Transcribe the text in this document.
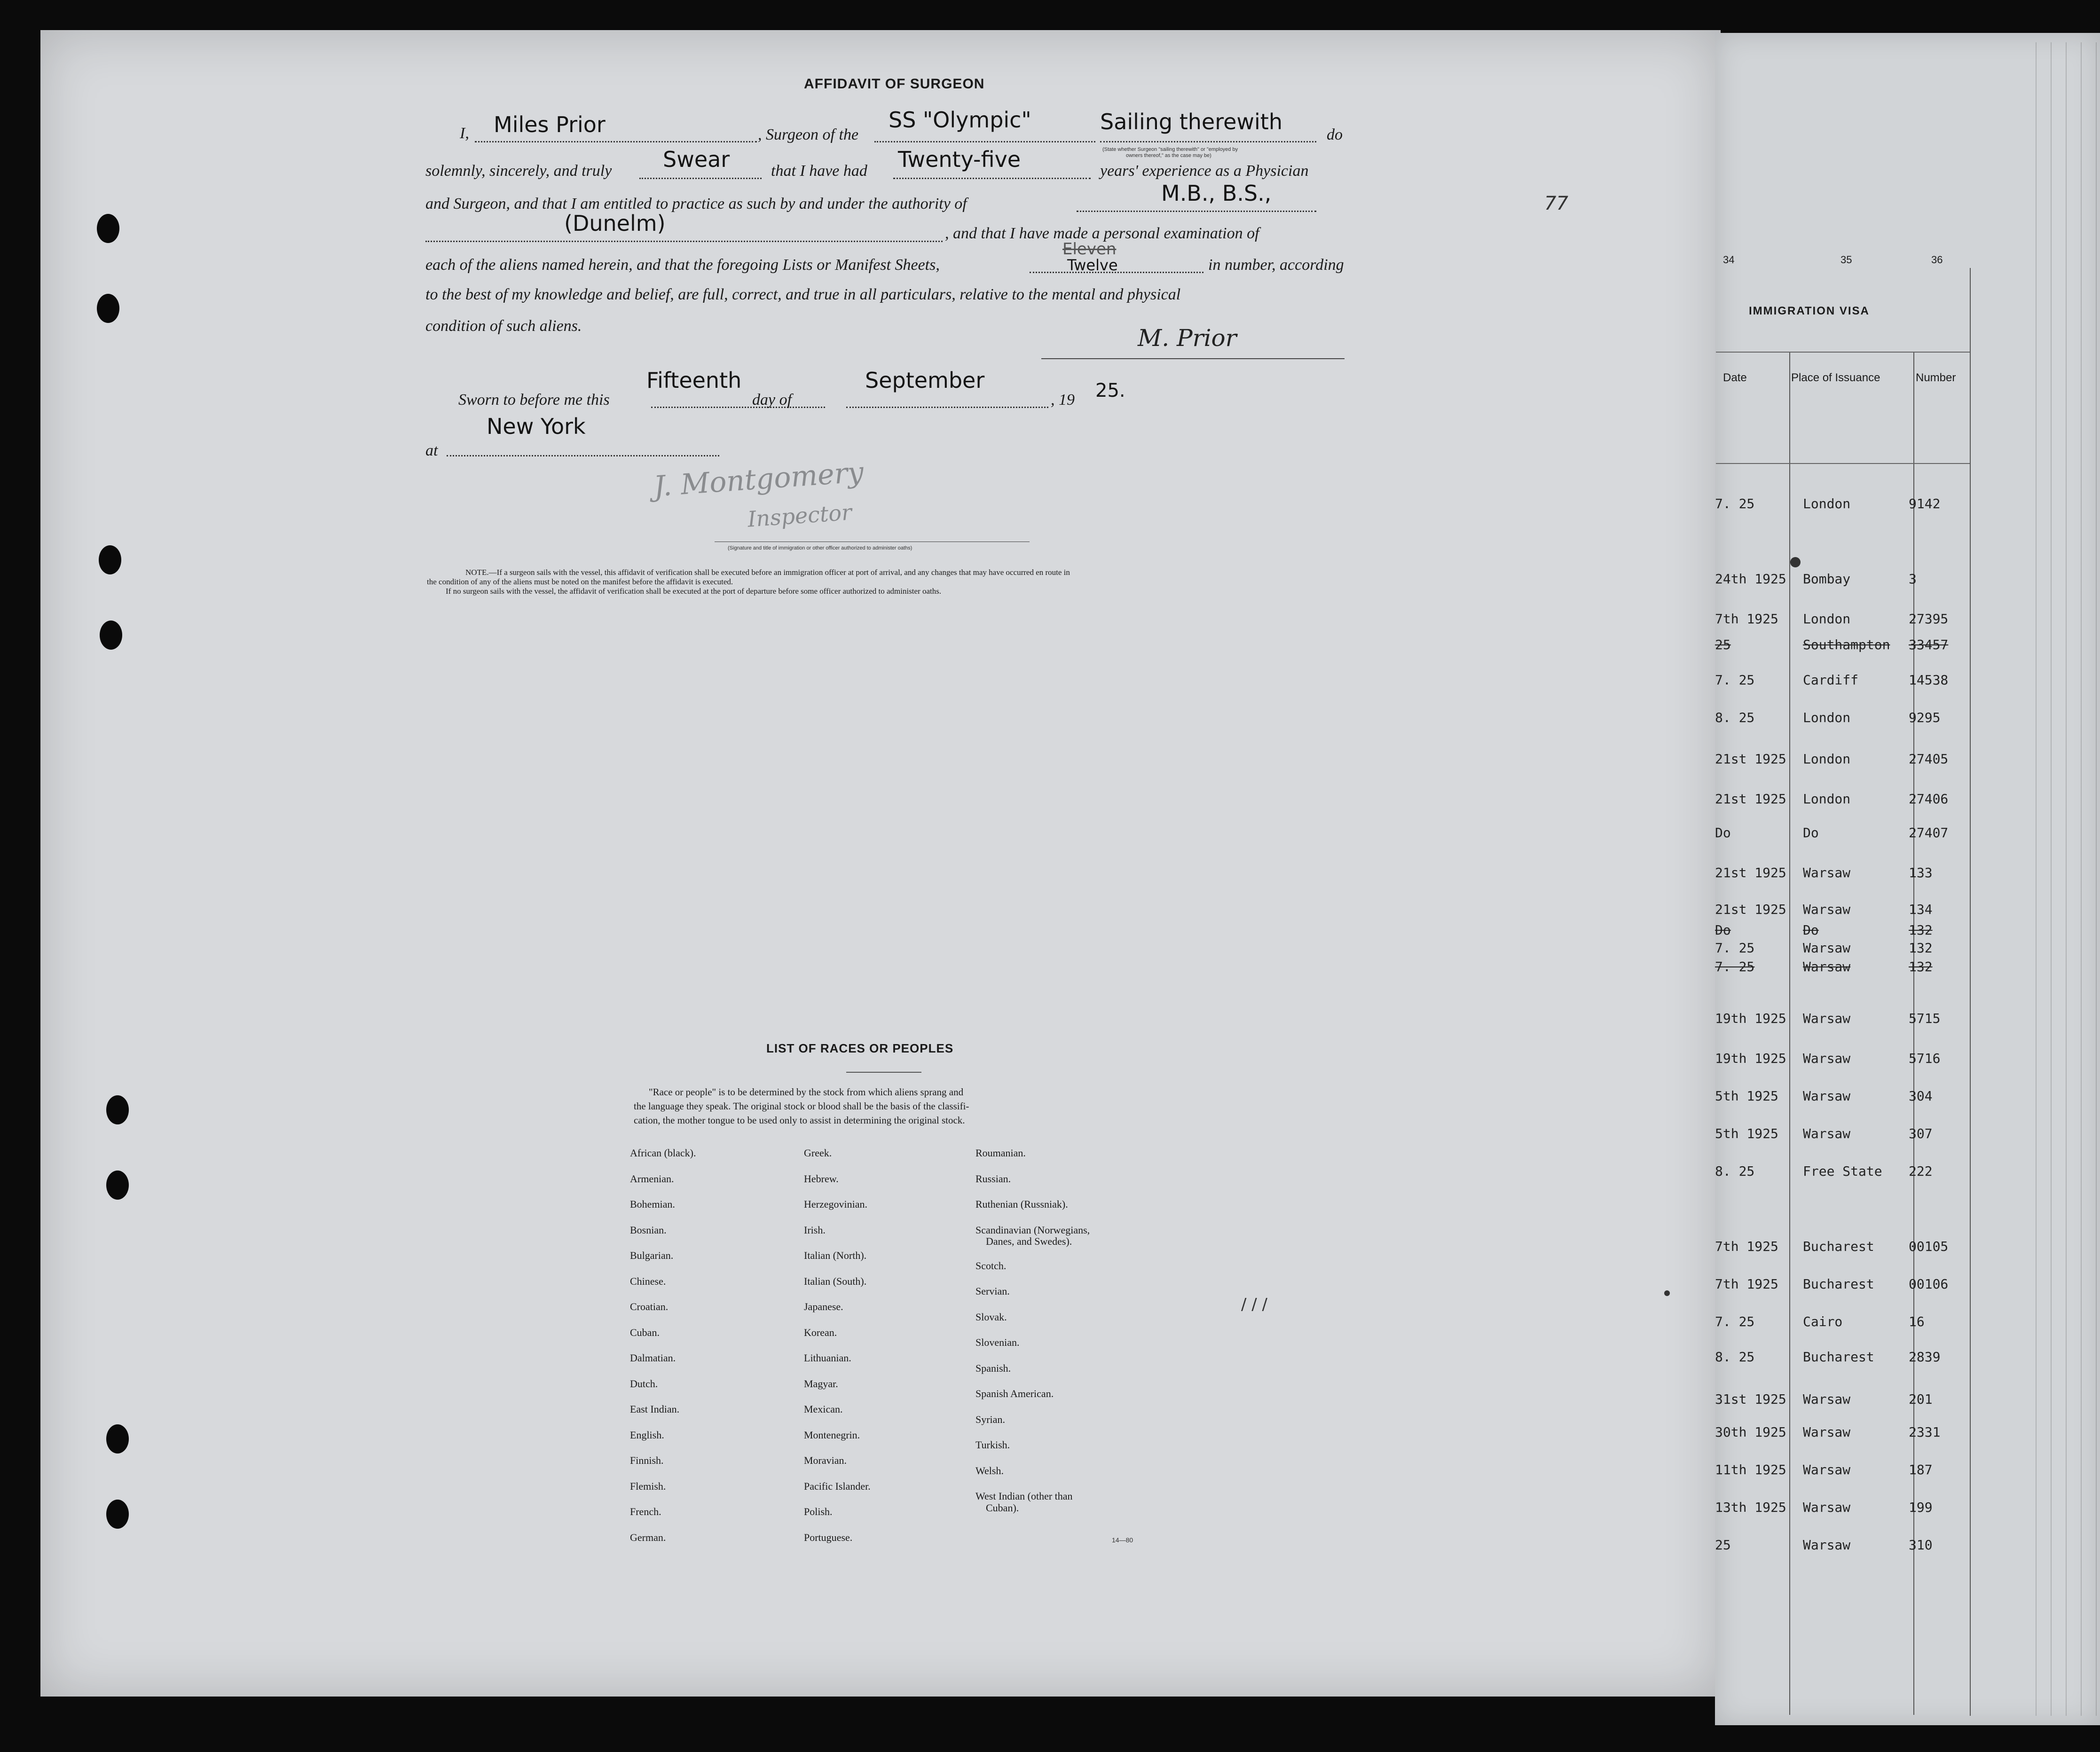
AFFIDAVIT OF SURGEON
I, Miles Prior	, Surgeon of the
SS "Olympic"	Sailing therewith
do
(State whether Surgeon "sailing therewith" or "employed by
owners thereof," as the case may be)
solemnly, sincerely, and truly Swear	that I have had Twenty-five	years' experience as a Physician
and Surgeon, and that I am entitled to practice as such by and under the authority of	M.B., B.S.,
(Dunelm)	, and that I have made a personal examination of
each of the aliens named herein, and that the foregoing Lists or Manifest Sheets,
Eleven
Twelve	in number, according
to the best of my knowledge and belief, are full, correct, and true in all particulars, relative to the mental and physical
condition of such aliens.	M. Prior
Sworn to before me this
Fifteenth
day of
September
, 19 25.
at
New York
J. Montgomery
Inspector
(Signature and title of immigration or other officer authorized to administer oaths)
NOTE.—If a surgeon sails with the vessel, this affidavit of verification shall be executed before an immigration officer at port of arrival, and any changes that may have occurred en route in
the condition of any of the aliens must be noted on the manifest before the affidavit is executed.
If no surgeon sails with the vessel, the affidavit of verification shall be executed at the port of departure before some officer authorized to administer oaths.
77
/ / /
LIST OF RACES OR PEOPLES
"Race or people" is to be determined by the stock from which aliens sprang and
the language they speak. The original stock or blood shall be the basis of the classifi-
cation, the mother tongue to be used only to assist in determining the original stock.
African (black).
Armenian.
Bohemian.
Bosnian.
Bulgarian.
Chinese.
Croatian.
Cuban.
Dalmatian.
Dutch.
East Indian.
English.
Finnish.
Flemish.
French.
German.
Greek.
Hebrew.
Herzegovinian.
Irish.
Italian (North).
Italian (South).
Japanese.
Korean.
Lithuanian.
Magyar.
Mexican.
Montenegrin.
Moravian.
Pacific Islander.
Polish.
Portuguese.
Roumanian.
Russian.
Ruthenian (Russniak).
Scandinavian (Norwegians,
Danes, and Swedes).
Scotch.
Servian.
Slovak.
Slovenian.
Spanish.
Spanish American.
Syrian.
Turkish.
Welsh.
West Indian (other than
Cuban).
14—80
34	35	36
IMMIGRATION VISA
Date	Place of Issuance	Number
7. 25	London	9142
24th 1925 Bombay	3
7th 1925 London	27395
25	Southampton 33457
7. 25	Cardiff	14538
8. 25	London	9295
21st 1925 London	27405
21st 1925 London	27406
Do	Do	27407
21st 1925 Warsaw	133
21st 1925 Warsaw	134
Do	Do	132
7. 25	Warsaw	132
7. 25	Warsaw	132
19th 1925 Warsaw	5715
19th 1925 Warsaw	5716
5th 1925 Warsaw	304
5th 1925 Warsaw	307
8. 25	Free State 222
7th 1925 Bucharest	00105
7th 1925 Bucharest	00106
7. 25	Cairo	16
8. 25	Bucharest	2839
31st 1925 Warsaw	201
30th 1925 Warsaw	2331
11th 1925 Warsaw	187
13th 1925 Warsaw	199
25	Warsaw	310
